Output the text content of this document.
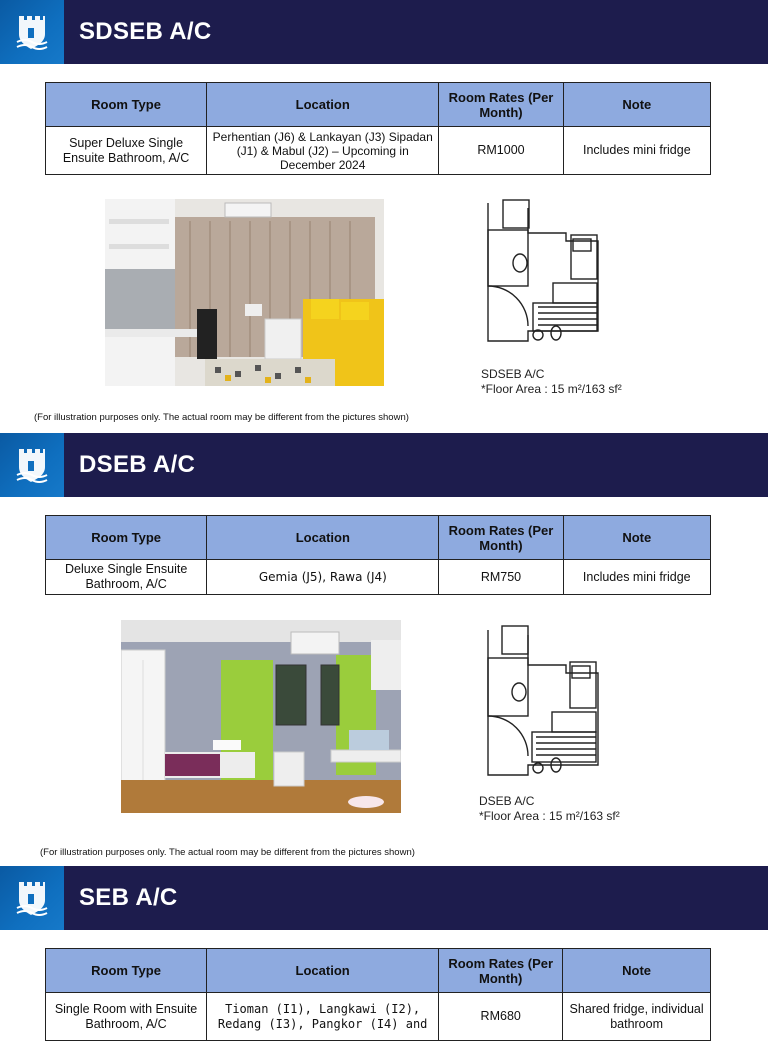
SDSEB A/C
Room Type	Location	Room Rates (Per Month)	Note
Super Deluxe Single Ensuite Bathroom, A/C	Perhentian (J6) & Lankayan (J3) Sipadan (J1) & Mabul (J2) – Upcoming in December 2024	RM1000	Includes mini fridge
SDSEB A/C
*Floor Area : 15 m²/163 sf²
(For illustration purposes only. The actual room may be different from the pictures shown)
DSEB A/C
Room Type	Location	Room Rates (Per Month)	Note
Deluxe Single Ensuite Bathroom, A/C	Gemia (J5), Rawa (J4)	RM750	Includes mini fridge
DSEB A/C
*Floor Area : 15 m²/163 sf²
(For illustration purposes only. The actual room may be different from the pictures shown)
SEB A/C
Room Type	Location	Room Rates (Per Month)	Note
Single Room with Ensuite Bathroom, A/C	Tioman (I1), Langkawi (I2), Redang (I3), Pangkor (I4) and	RM680	Shared fridge, individual bathroom
